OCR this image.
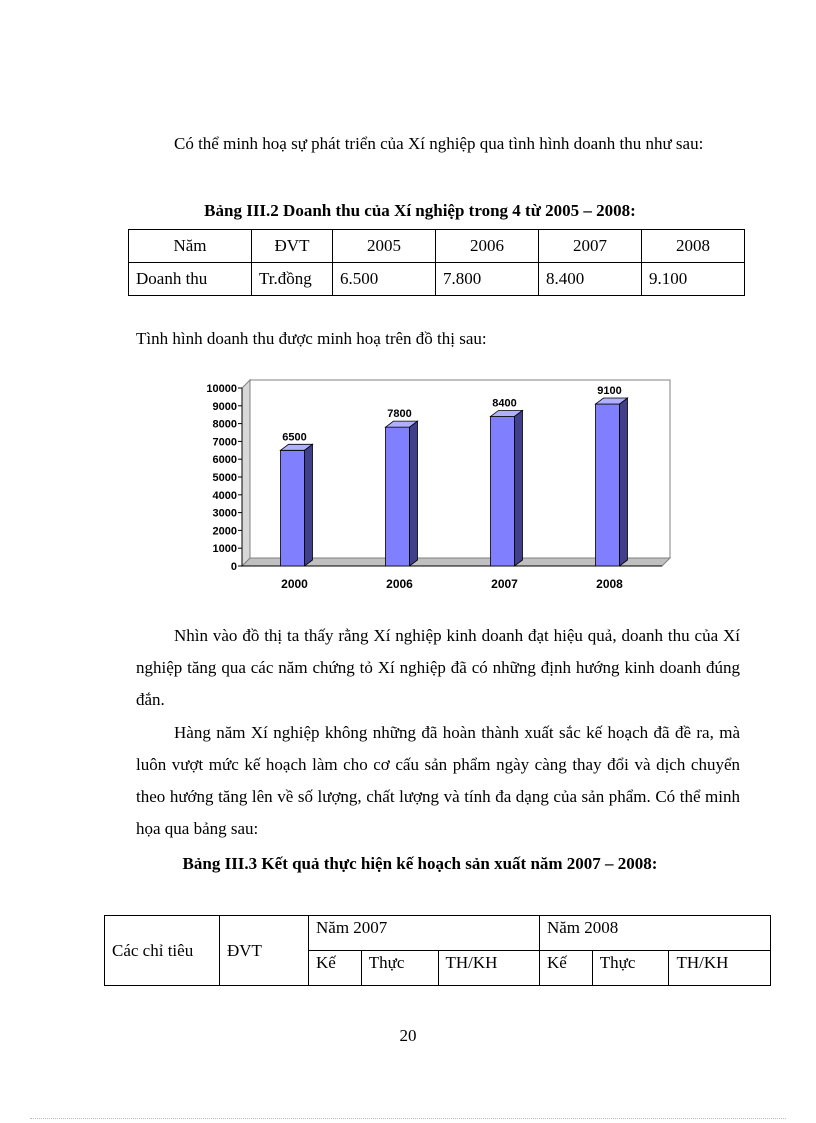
Có thể minh hoạ sự phát triển của Xí nghiệp qua tình hình doanh thu như sau:
Bảng III.2 Doanh thu của Xí nghiệp trong 4 từ 2005 – 2008:
Năm	ĐVT	2005	2006	2007	2008
Doanh thu	Tr.đồng	6.500	7.800	8.400	9.100
Tình hình doanh thu được minh hoạ trên đồ thị sau:
0
1000
2000
3000
4000
5000
6000
7000
8000
9000
10000
6500
2000
7800
2006
8400
2007
9100
2008
Nhìn vào đồ thị ta thấy rằng Xí nghiệp kinh doanh đạt hiệu quả, doanh thu của Xí nghiệp tăng qua các năm chứng tỏ Xí nghiệp đã có những định hướng kinh doanh đúng đắn.
Hàng năm Xí nghiệp không những đã hoàn thành xuất sắc kế hoạch đã đề ra, mà luôn vượt mức kế hoạch làm cho cơ cấu sản phẩm ngày càng thay đổi và dịch chuyển theo hướng tăng lên về số lượng, chất lượng và tính đa dạng của sản phẩm. Có thể minh họa qua bảng sau:
Bảng III.3 Kết quả thực hiện kế hoạch sản xuất năm 2007 – 2008:
Các chỉ tiêu	ĐVT	Năm 2007			Năm 2008		
		Kế	Thực	TH/KH	Kế	Thực	TH/KH
20
